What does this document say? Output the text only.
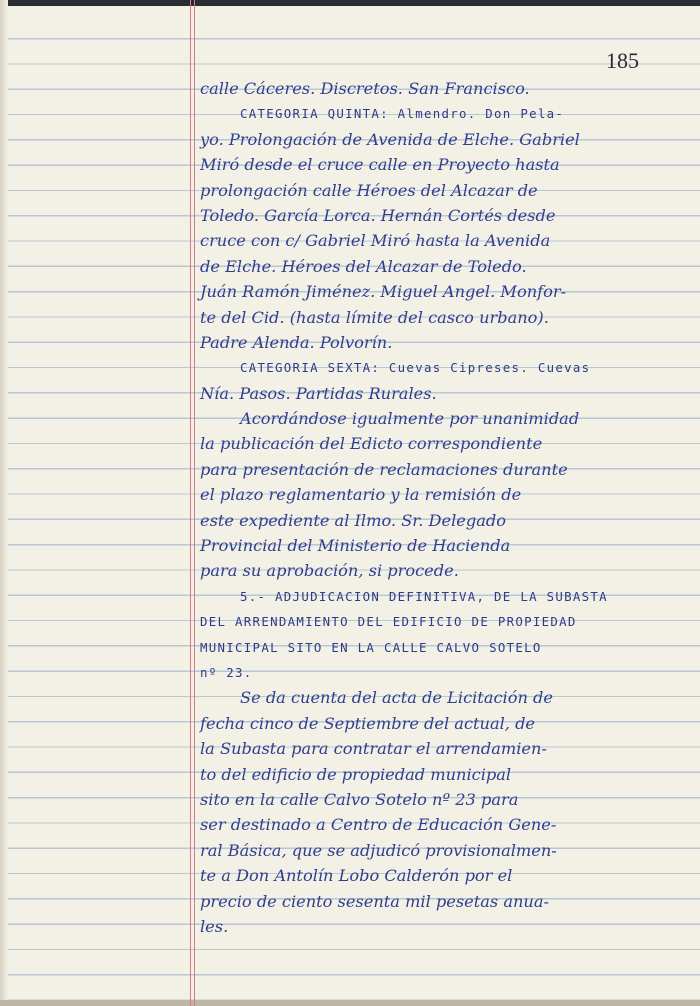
185
calle Cáceres. Discretos. San Francisco.
CATEGORIA QUINTA: Almendro. Don Pela-
yo. Prolongación de Avenida de Elche. Gabriel
Miró desde el cruce calle en Proyecto hasta
prolongación calle Héroes del Alcazar de
Toledo. García Lorca. Hernán Cortés desde
cruce con c/ Gabriel Miró hasta la Avenida
de Elche. Héroes del Alcazar de Toledo.
Juán Ramón Jiménez. Miguel Angel. Monfor-
te del Cid. (hasta límite del casco urbano).
Padre Alenda. Polvorín.
CATEGORIA SEXTA: Cuevas Cipreses. Cuevas
Nía. Pasos. Partidas Rurales.
Acordándose igualmente por unanimidad
la publicación del Edicto correspondiente
para presentación de reclamaciones durante
el plazo reglamentario y la remisión de
este expediente al Ilmo. Sr. Delegado
Provincial del Ministerio de Hacienda
para su aprobación, si procede.
5.- ADJUDICACION DEFINITIVA, DE LA SUBASTA
DEL ARRENDAMIENTO DEL EDIFICIO DE PROPIEDAD
MUNICIPAL SITO EN LA CALLE CALVO SOTELO
nº 23.
Se da cuenta del acta de Licitación de
fecha cinco de Septiembre del actual, de
la Subasta para contratar el arrendamien-
to del edificio de propiedad municipal
sito en la calle Calvo Sotelo nº 23 para
ser destinado a Centro de Educación Gene-
ral Básica, que se adjudicó provisionalmen-
te a Don Antolín Lobo Calderón por el
precio de ciento sesenta mil pesetas anua-
les.
